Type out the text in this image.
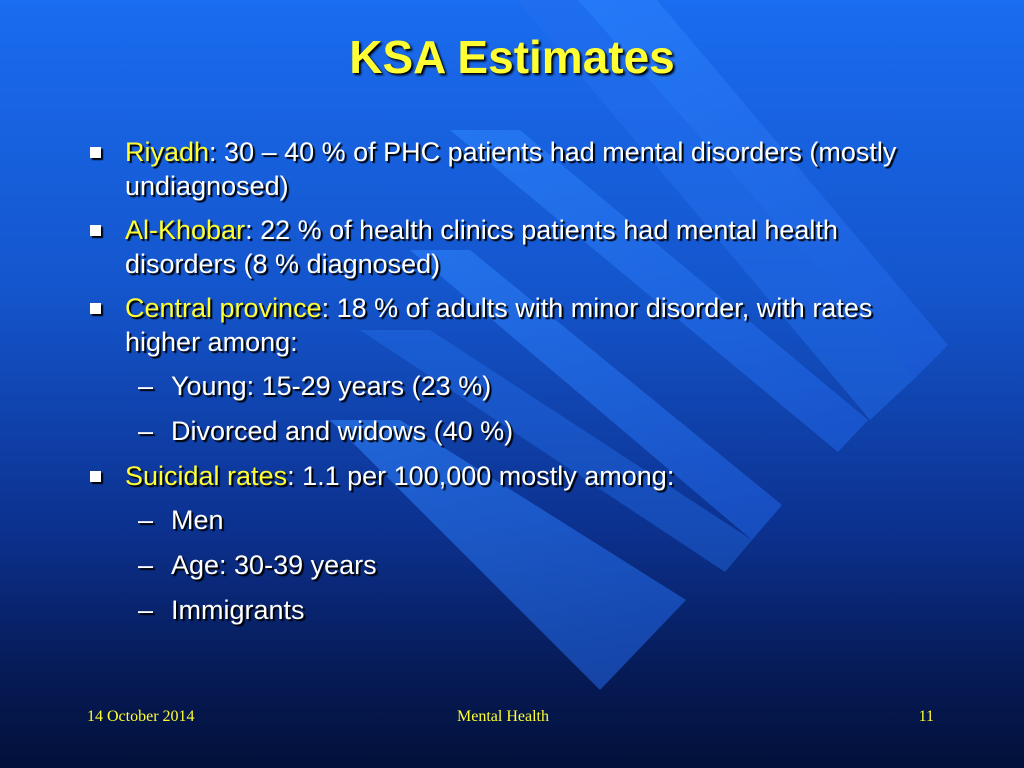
KSA Estimates
Riyadh: 30 – 40 % of PHC patients had mental disorders (mostly undiagnosed)
Al-Khobar: 22 % of health clinics patients had mental health disorders (8 % diagnosed)
Central province: 18 % of adults with minor disorder, with rates higher among:
– Young: 15-29 years (23 %)
– Divorced and widows (40 %)
Suicidal rates: 1.1 per 100,000 mostly among:
– Men
– Age: 30-39 years
– Immigrants
14 October 2014	Mental Health	11
